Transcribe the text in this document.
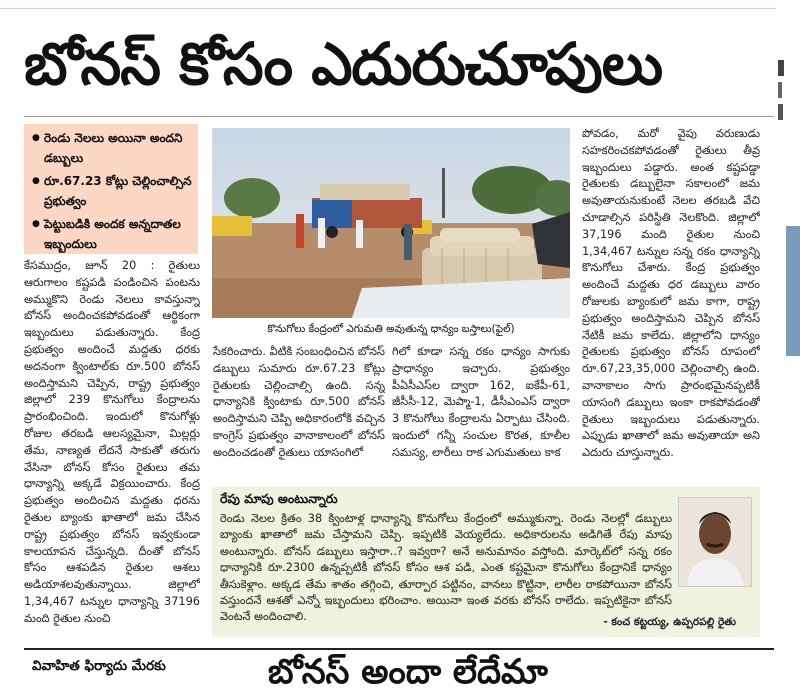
బోనస్ కోసం ఎదురుచూపులు
● రెండు నెలలు అయినా అందని డబ్బులు
● రూ.67.23 కోట్లు చెల్లించాల్సిన ప్రభుత్వం
● పెట్టుబడికి అందక అన్నదాతల ఇబ్బందులు

కేసముద్రం, జూన్ 20 : రైతులు ఆరుగాలం కష్టపడి పండించిన పంటను అమ్ముకొని రెండు నెలలు కావస్తున్నా బోనస్ అందించకపోవడంతో ఆర్థికంగా ఇబ్బందులు పడుతున్నారు. కేంద్ర ప్రభుత్వం అందించే మద్దతు ధరకు అదనంగా క్వింటాల్‌కు రూ.500 బోనస్ అందిస్తామని చెప్పిన, రాష్ట్ర ప్రభుత్వం జిల్లాలో 239 కొనుగోలు కేంద్రాలను ప్రారంభించింది. ఇందులో కొనుగోళ్లు రోజుల తరబడి ఆలస్యమైనా, మిల్లర్లు తేమ, నాణ్యత లేదనే సాకుతో తరుగు వేసినా బోనస్ కోసం రైతులు తమ ధాన్యాన్ని అక్కడే విక్రయించారు. కేంద్ర ప్రభుత్వం అందించిన మద్దతు ధరను రైతుల బ్యాంకు ఖాతాలో జమ చేసిన రాష్ట్ర ప్రభుత్వం బోనస్ ఇవ్వకుండా కాలయాపన చేస్తున్నది. దీంతో బోనస్ కోసం ఆశపడిన రైతుల ఆశలు అడియాశలవుతున్నాయి. జిల్లాలో 1,34,467 టన్నుల ధాన్యాన్ని 37196 మంది రైతుల నుంచి

కొనుగోలు కేంద్రంలో ఎగుమతి అవుతున్న ధాన్యం బస్తాలు(ఫైల్)

సేకరించారు. వీటికి సంబంధించిన బోనస్ డబ్బులు సుమారు రూ.67.23 కోట్లు రైతులకు చెల్లించాల్సి ఉంది. సన్న ధాన్యానికి క్వింటాకు రూ.500 బోనస్ అందిస్తామని చెప్పి అధికారంలోకి వచ్చిన కాంగ్రెస్ ప్రభుత్వం వానాకాలంలో బోనస్ అందించడంతో రైతులు యాసంగిలో

గిలో కూడా సన్న రకం ధాన్యం సాగుకు ప్రాధాన్యం ఇచ్చారు. ప్రభుత్వం పీఏసీఎస్‌ల ద్వారా 162, ఐకేపీ-61, జీసీసీ-12, మెప్మా-1, డీసీఎంఎస్ ద్వారా 3 కొనుగోలు కేంద్రాలను ఏర్పాటు చేసింది. ఇందులో గన్నీ సంచుల కొరత, కూలీల సమస్య, లారీలు రాక ఎగుమతులు కాక

పోవడం, మరో వైపు వరుణుడు సహకరించకపోవడంతో రైతులు తీవ్ర ఇబ్బందులు పడ్డారు. అంత కష్టపడ్డా రైతులకు డబ్బులైనా సకాలంలో జమ అవుతాయనుకుంటే నెలల తరబడి వేచి చూడాల్సిన పరిస్థితి నెలకొంది. జిల్లాలో 37,196 మంది రైతుల నుంచి 1,34,467 టన్నుల సన్న రకం ధాన్యాన్ని కొనుగోలు చేశారు. కేంద్ర ప్రభుత్వం అందించే మద్దతు ధర డబ్బులు వారం రోజులకు బ్యాంకులో జమ కాగా, రాష్ట్ర ప్రభుత్వం అందిస్తామని చెప్పిన బోనస్ నేటికీ జమ కాలేదు. జిల్లాలోని ధాన్యం రైతులకు ప్రభుత్వం బోనస్ రూపంలో రూ.67,23,35,000 చెల్లించాల్సి ఉంది. వానాకాలం సాగు ప్రారంభమైనప్పటికీ యాసంగి డబ్బులు ఇంకా రాకపోవడంతో రైతులు ఇబ్బందులు పడుతున్నారు. ఎప్పుడు ఖాతాలో జమ అవుతాయా అని ఎదురు చూస్తున్నారు.

రేపు మాపు అంటున్నారు
రెండు నెలల క్రితం 38 క్వింటాళ్ల ధాన్యాన్ని కొనుగోలు కేంద్రంలో అమ్ముకున్నా. రెండు నెలల్లో డబ్బులు బ్యాంకు ఖాతాలో జమ చేస్తామని చెప్పి. ఇప్పటికి వెయ్యలేదు. అధికారులను అడిగితే రేపు మాపు అంటున్నారు. బోనస్ డబ్బులు ఇస్తారా..? ఇవ్వరా? అనే అనుమానం వస్తోంది. మార్కెట్‌లో సన్న రకం ధాన్యానికి రూ.2300 ఉన్నప్పటికీ బోనస్ కోసం ఆశ పడి, ఎంత కష్టమైనా కొనుగోలు కేంద్రానికే ధాన్యం తీసుకెళ్లాం. అక్కడ తేమ శాతం తగ్గించి, తూర్పార పట్టినం, వానలు కొట్టినా, లారీల రాకపోయినా బోనస్ వస్తుందనే ఆశతో ఎన్నో ఇబ్బందులు భరించాం. అయినా ఇంత వరకు బోనస్ రాలేదు. ఇప్పటికైనా బోనస్ వెంటనే అందించాలి.	- కంచ కట్టయ్య, ఉప్పరపల్లి రైతు
వివాహిత ఫిర్యాదు మేరకు	బోనస్ అందా లేదేమా
